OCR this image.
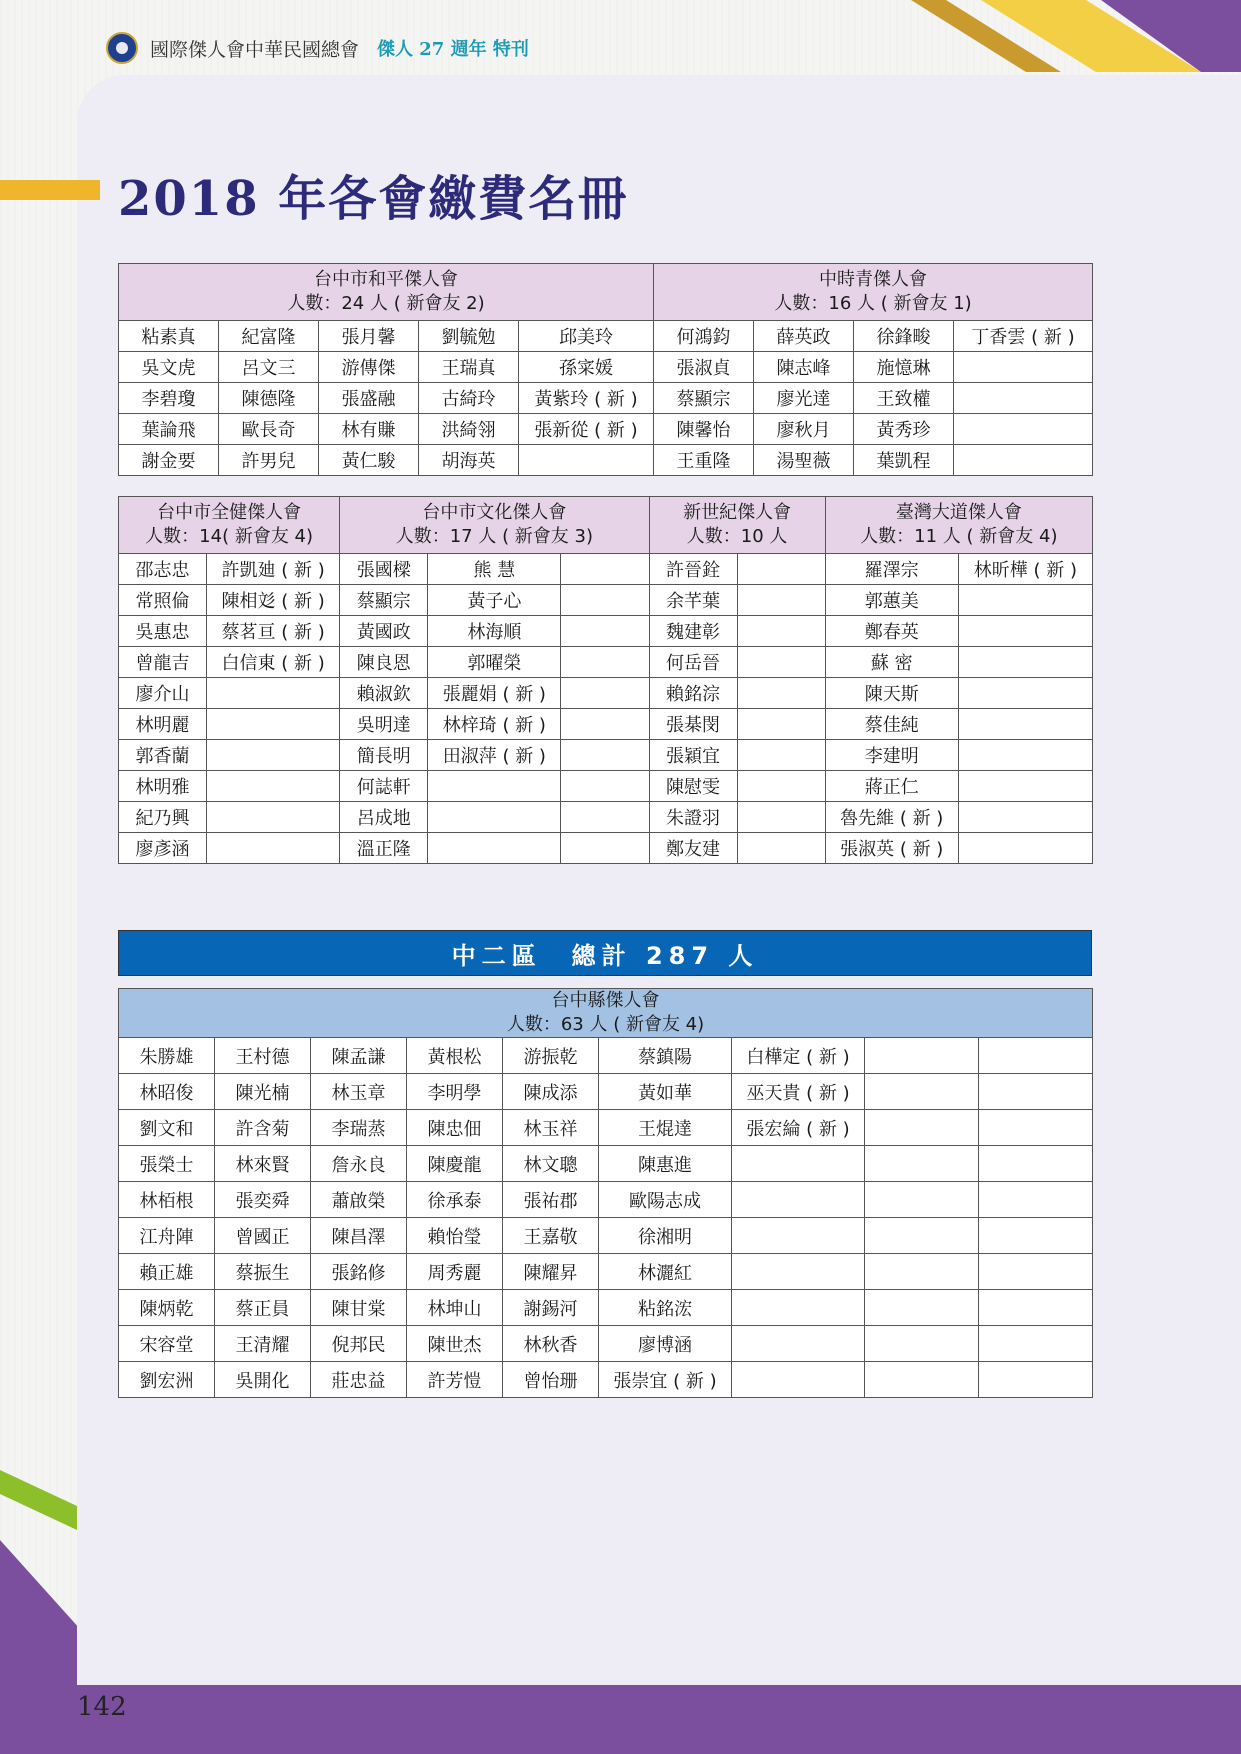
國際傑人會中華民國總會 傑人 27 週年 特刊
2018 年各會繳費名冊
台中市和平傑人會
人數：24 人 ( 新會友 2)					中時青傑人會
人數：16 人 ( 新會友 1)			
粘素真	紀富隆	張月馨	劉毓勉	邱美玲	何鴻鈞	薛英政	徐鋒畯	丁香雲 ( 新 )
吳文虎	呂文三	游傳傑	王瑞真	孫寀媛	張淑貞	陳志峰	施憶琳	
李碧瓊	陳德隆	張盛融	古綺玲	黃紫玲 ( 新 )	蔡顯宗	廖光達	王致權	
葉論飛	歐長奇	林有賺	洪綺翎	張新從 ( 新 )	陳馨怡	廖秋月	黃秀珍	
謝金要	許男兒	黃仁駿	胡海英		王重隆	湯聖薇	葉凱程	
台中市全健傑人會
人數：14( 新會友 4)		台中市文化傑人會
人數：17 人 ( 新會友 3)			新世紀傑人會
人數：10 人		臺灣大道傑人會
人數：11 人 ( 新會友 4)	
邵志忠	許凱廸 ( 新 )	張國樑	熊 慧		許晉銓		羅澤宗	林昕樺 ( 新 )
常照倫	陳相彣 ( 新 )	蔡顯宗	黃子心		余芊葉		郭蕙美	
吳惠忠	蔡茗亘 ( 新 )	黃國政	林海順		魏建彰		鄭春英	
曾龍吉	白信東 ( 新 )	陳良恩	郭曜榮		何岳晉		蘇 密	
廖介山		賴淑欽	張麗娟 ( 新 )		賴銘淙		陳天斯	
林明麗		吳明達	林梓琦 ( 新 )		張棊閔		蔡佳純	
郭香蘭		簡長明	田淑萍 ( 新 )		張穎宜		李建明	
林明雅		何誌軒			陳慰雯		蔣正仁	
紀乃興		呂成地			朱證羽		魯先維 ( 新 )	
廖彥涵		溫正隆			鄭友建		張淑英 ( 新 )	
中二區　總計 287 人
台中縣傑人會
人數：63 人 ( 新會友 4)								
朱勝雄	王村德	陳孟謙	黃根松	游振乾	蔡鎮陽	白樺定 ( 新 )		
林昭俊	陳光楠	林玉章	李明學	陳成添	黃如華	巫天貴 ( 新 )		
劉文和	許含菊	李瑞蒸	陳忠佃	林玉祥	王焜達	張宏綸 ( 新 )		
張榮士	林來賢	詹永良	陳慶龍	林文聰	陳惠進			
林栢根	張奕舜	蕭啟榮	徐承泰	張祐郡	歐陽志成			
江舟陣	曾國正	陳昌澤	賴怡瑩	王嘉敬	徐湘明			
賴正雄	蔡振生	張銘修	周秀麗	陳耀昇	林灑紅			
陳炳乾	蔡正員	陳甘棠	林坤山	謝錫河	粘銘浤			
宋容堂	王清耀	倪邦民	陳世杰	林秋香	廖博涵			
劉宏洲	吳開化	莊忠益	許芳愷	曾怡珊	張崇宜 ( 新 )			
142
